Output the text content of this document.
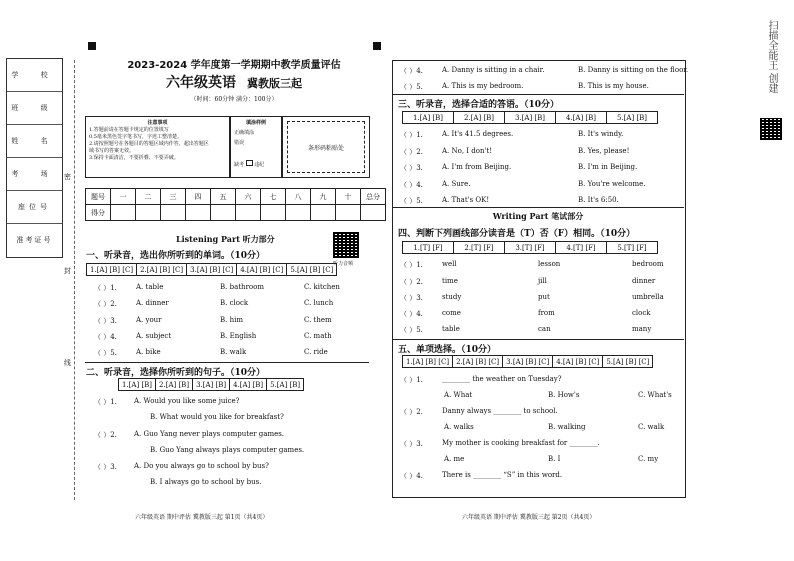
学 校
班 级
姓 名
考 场
座位号
准考证号
密
封
线
2023-2024 学年度第一学期期中教学质量评估
六年级英语 冀教版三起
（时间：60分钟 满分：100分）
注意事项
1.答题前请在答题卡规定的位置填写
0.5毫米黑色签字笔书写，字迹工整清楚。
2.请按照题号在各题目的答题区域内作答，超出答题区
域书写的答案无效。
3.保持卡面清洁，不要折叠、不要弄破。
填涂样例
正确填涂
错误
缺考 违纪
条形码粘贴处
题号	一	二	三	四	五	六	七	八	九	十	总分
得分											
Listening Part 听力部分
听力音频
一、听录音，选出你所听到的单词。（10分）
1.[A] [B] [C]	2.[A] [B] [C]	3.[A] [B] [C]	4.[A] [B] [C]	5.[A] [B] [C]
（ ）1.	A. table	B. bathroom	C. kitchen
（ ）2.	A. dinner	B. clock	C. lunch
（ ）3.	A. your	B. him	C. them
（ ）4.	A. subject	B. English	C. math
（ ）5.	A. bike	B. walk	C. ride
二、听录音，选择你所听到的句子。（10分）
1.[A] [B]	2.[A] [B]	3.[A] [B]	4.[A] [B]	5.[A] [B]
（ ）1. A. Would you like some juice?
B. What would you like for breakfast?
（ ）2. A. Guo Yang never plays computer games.
B. Guo Yang always plays computer games.
（ ）3. A. Do you always go to school by bus?
B. I always go to school by bus.
六年级英语 期中评估 冀教版三起 第1页（共4页）
（ ）4.	A. Danny is sitting in a chair.	B. Danny is sitting on the floor.
（ ）5.	A. This is my bedroom.	B. This is my house.
三、听录音，选择合适的答语。（10分）
1.[A] [B]	2.[A] [B]	3.[A] [B]	4.[A] [B]	5.[A] [B]
（ ）1.	A. It's 41.5 degrees.	B. It's windy.
（ ）2.	A. No, I don't!	B. Yes, please!
（ ）3.	A. I'm from Beijing.	B. I'm in Beijing.
（ ）4.	A. Sure.	B. You're welcome.
（ ）5.	A. That's OK!	B. It's 6:50.
Writing Part 笔试部分
四、判断下列画线部分读音是（T）否（F）相同。（10分）
1.[T] [F]	2.[T] [F]	3.[T] [F]	4.[T] [F]	5.[T] [F]
（ ）1.	well	lesson	bedroom
（ ）2.	time	jill	dinner
（ ）3.	study	put	umbrella
（ ）4.	come	from	clock
（ ）5.	table	can	many
五、单项选择。（10分）
1.[A] [B] [C]	2.[A] [B] [C]	3.[A] [B] [C]	4.[A] [B] [C]	5.[A] [B] [C]
（ ）1.	________ the weather on Tuesday?
A. What	B. How's	C. What's
（ ）2.	Danny always ________ to school.
A. walks	B. walking	C. walk
（ ）3.	My mother is cooking breakfast for ________.
A. me	B. I	C. my
（ ）4.	There is ________ “S” in this word.
六年级英语 期中评估 冀教版三起 第2页（共4页）
扫描全能王 创建
